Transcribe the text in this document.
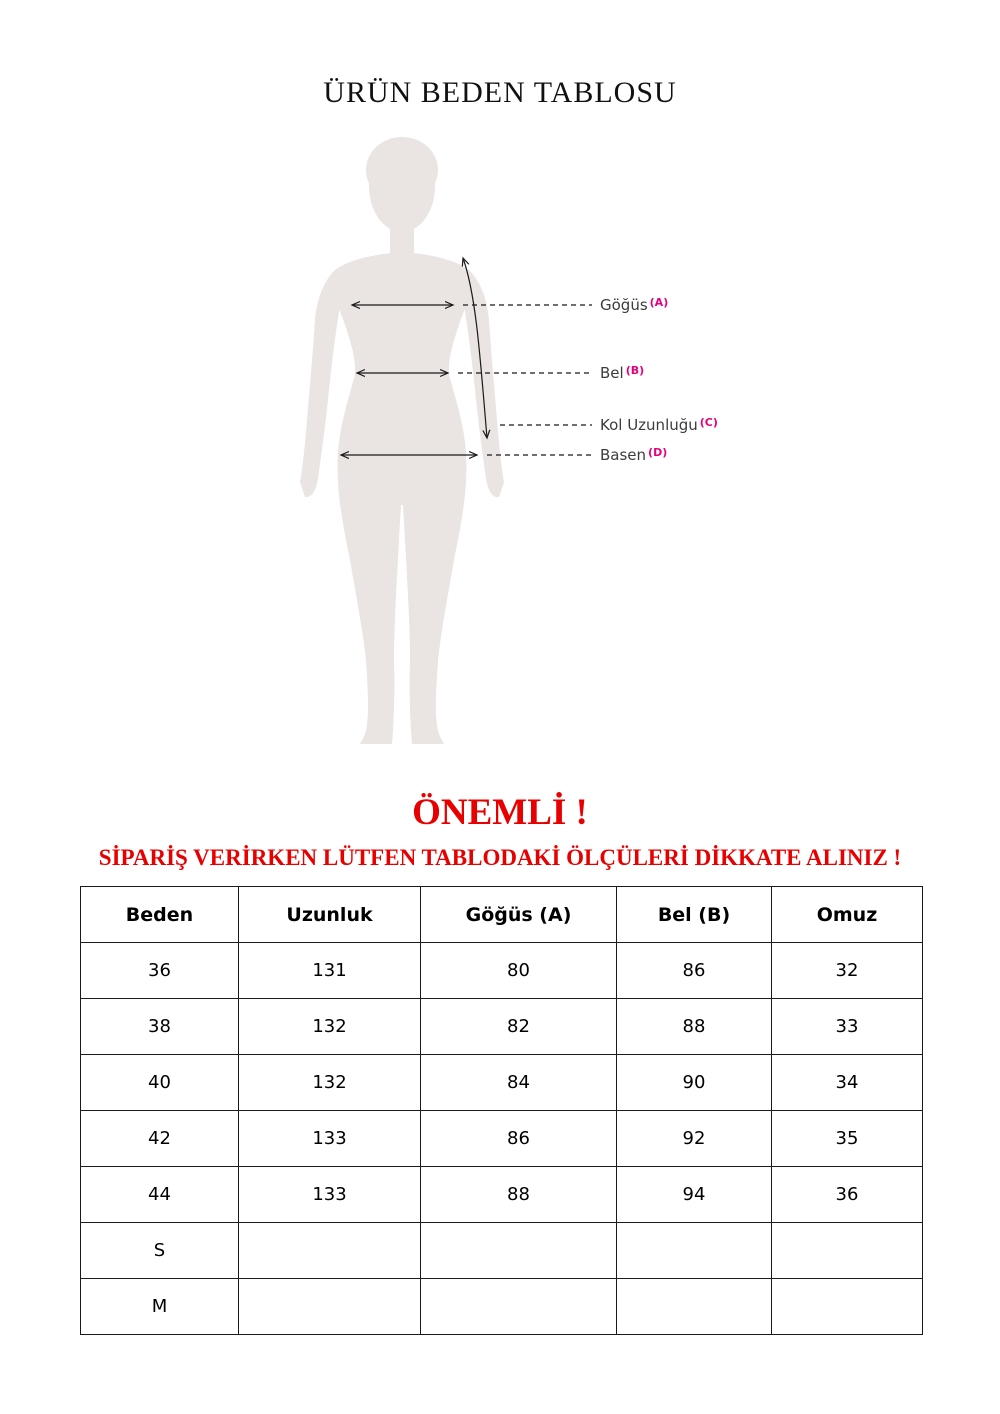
ÜRÜN BEDEN TABLOSU
Göğüs $^{(A)}$
Bel $^{(B)}$
Kol Uzunluğu $^{(C)}$
Basen $^{(D)}$
ÖNEMLİ !
SİPARİŞ VERİRKEN LÜTFEN TABLODAKİ ÖLÇÜLERİ DİKKATE ALINIZ !
Beden	Uzunluk	Göğüs (A)	Bel (B)	Omuz
36	131	80	86	32
38	132	82	88	33
40	132	84	90	34
42	133	86	92	35
44	133	88	94	36
S				
M				
